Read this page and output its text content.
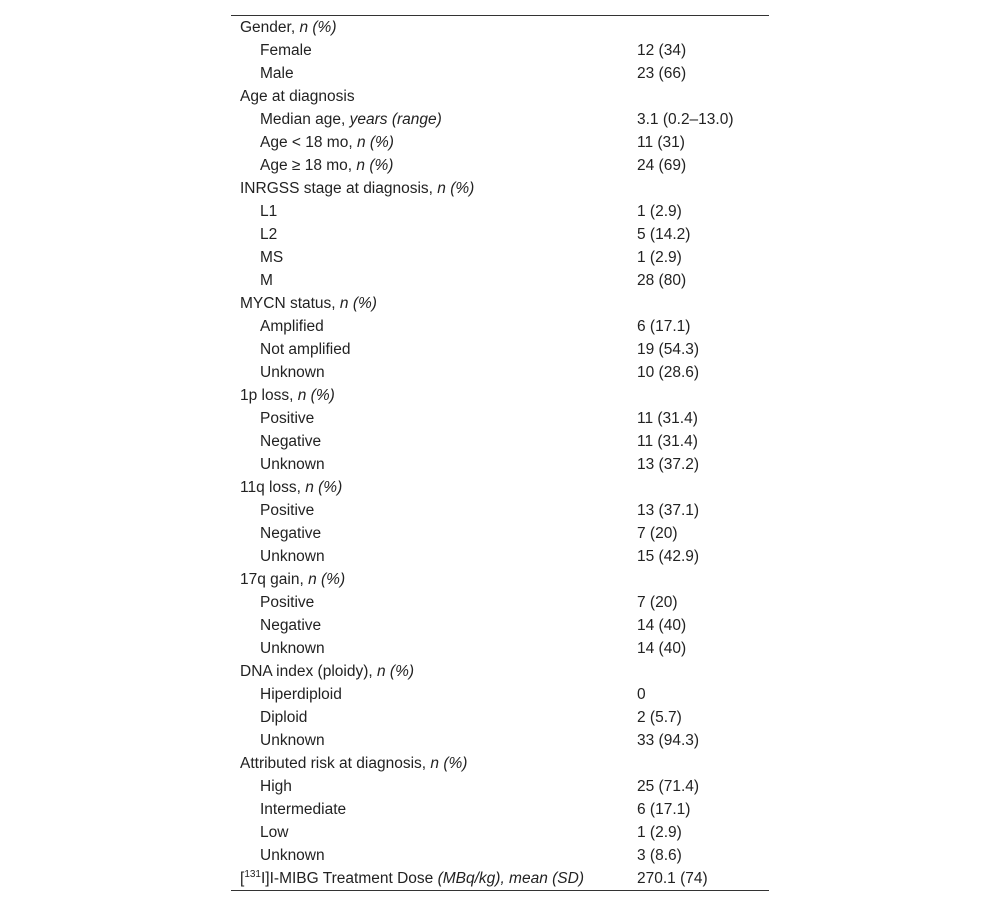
Gender, n (%)	
Female	12 (34)
Male	23 (66)
Age at diagnosis	
Median age, years (range)	3.1 (0.2–13.0)
Age < 18 mo, n (%)	11 (31)
Age ≥ 18 mo, n (%)	24 (69)
INRGSS stage at diagnosis, n (%)	
L1	1 (2.9)
L2	5 (14.2)
MS	1 (2.9)
M	28 (80)
MYCN status, n (%)	
Amplified	6 (17.1)
Not amplified	19 (54.3)
Unknown	10 (28.6)
1p loss, n (%)	
Positive	11 (31.4)
Negative	11 (31.4)
Unknown	13 (37.2)
11q loss, n (%)	
Positive	13 (37.1)
Negative	7 (20)
Unknown	15 (42.9)
17q gain, n (%)	
Positive	7 (20)
Negative	14 (40)
Unknown	14 (40)
DNA index (ploidy), n (%)	
Hiperdiploid	0
Diploid	2 (5.7)
Unknown	33 (94.3)
Attributed risk at diagnosis, n (%)	
High	25 (71.4)
Intermediate	6 (17.1)
Low	1 (2.9)
Unknown	3 (8.6)
[$^{131}$I]I-MIBG Treatment Dose (MBq/kg), mean (SD)	270.1 (74)
